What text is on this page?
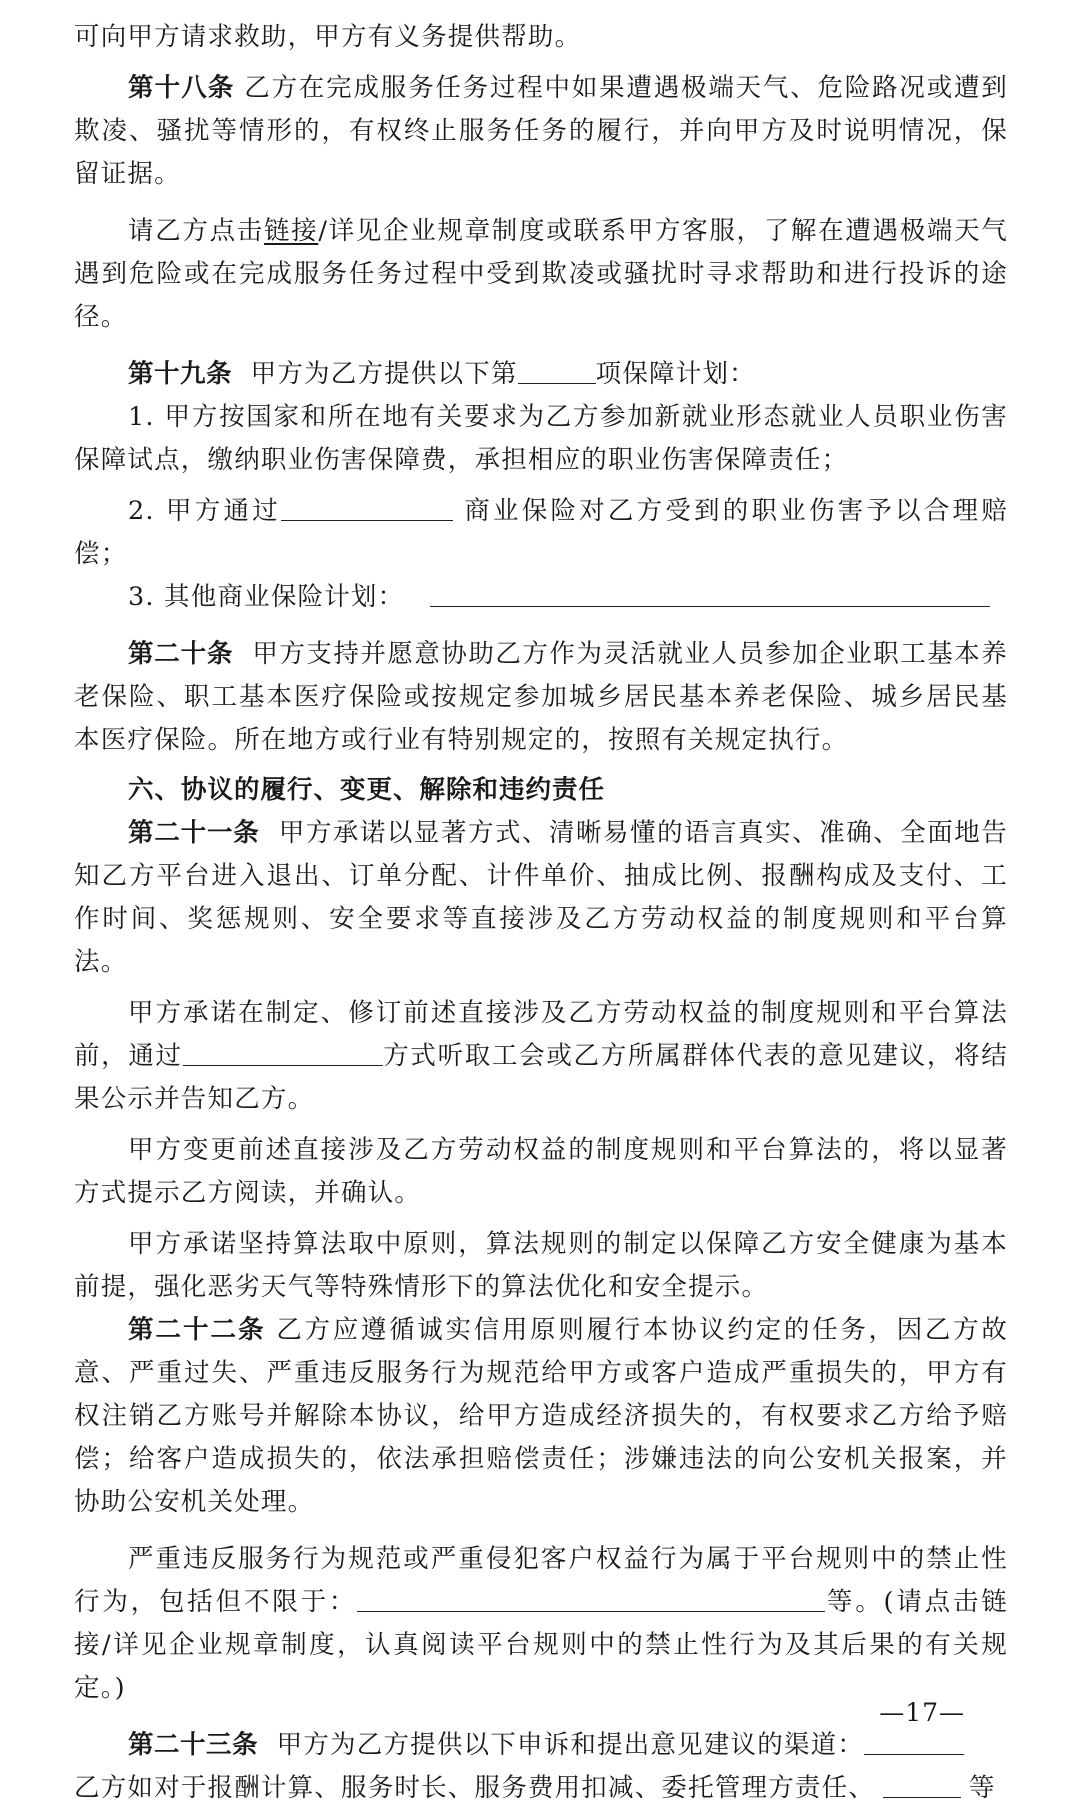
可向甲方请求救助，甲方有义务提供帮助。

第十八条 乙方在完成服务任务过程中如果遭遇极端天气、危险路况或遭到欺凌、骚扰等情形的，有权终止服务任务的履行，并向甲方及时说明情况，保留证据。

请乙方点击链接/详见企业规章制度或联系甲方客服，了解在遭遇极端天气遇到危险或在完成服务任务过程中受到欺凌或骚扰时寻求帮助和进行投诉的途径。

第十九条 甲方为乙方提供以下第	项保障计划：

1. 甲方按国家和所在地有关要求为乙方参加新就业形态就业人员职业伤害保障试点，缴纳职业伤害保障费，承担相应的职业伤害保障责任；

2. 甲方通过	商业保险对乙方受到的职业伤害予以合理赔偿；

3. 其他商业保险计划：

第二十条 甲方支持并愿意协助乙方作为灵活就业人员参加企业职工基本养老保险、职工基本医疗保险或按规定参加城乡居民基本养老保险、城乡居民基本医疗保险。所在地方或行业有特别规定的，按照有关规定执行。

六、协议的履行、变更、解除和违约责任

第二十一条 甲方承诺以显著方式、清晰易懂的语言真实、准确、全面地告知乙方平台进入退出、订单分配、计件单价、抽成比例、报酬构成及支付、工作时间、奖惩规则、安全要求等直接涉及乙方劳动权益的制度规则和平台算法。

甲方承诺在制定、修订前述直接涉及乙方劳动权益的制度规则和平台算法前，通过	方式听取工会或乙方所属群体代表的意见建议，将结果公示并告知乙方。

甲方变更前述直接涉及乙方劳动权益的制度规则和平台算法的，将以显著方式提示乙方阅读，并确认。

甲方承诺坚持算法取中原则，算法规则的制定以保障乙方安全健康为基本前提，强化恶劣天气等特殊情形下的算法优化和安全提示。

第二十二条 乙方应遵循诚实信用原则履行本协议约定的任务，因乙方故意、严重过失、严重违反服务行为规范给甲方或客户造成严重损失的，甲方有权注销乙方账号并解除本协议，给甲方造成经济损失的，有权要求乙方给予赔偿；给客户造成损失的，依法承担赔偿责任；涉嫌违法的向公安机关报案，并协助公安机关处理。

严重违反服务行为规范或严重侵犯客户权益行为属于平台规则中的禁止性行为，包括但不限于：	等。(请点击链接/详见企业规章制度，认真阅读平台规则中的禁止性行为及其后果的有关规定。)

第二十三条 甲方为乙方提供以下申诉和提出意见建议的渠道：

乙方如对于报酬计算、服务时长、服务费用扣减、委托管理方责任、	等

—17—
